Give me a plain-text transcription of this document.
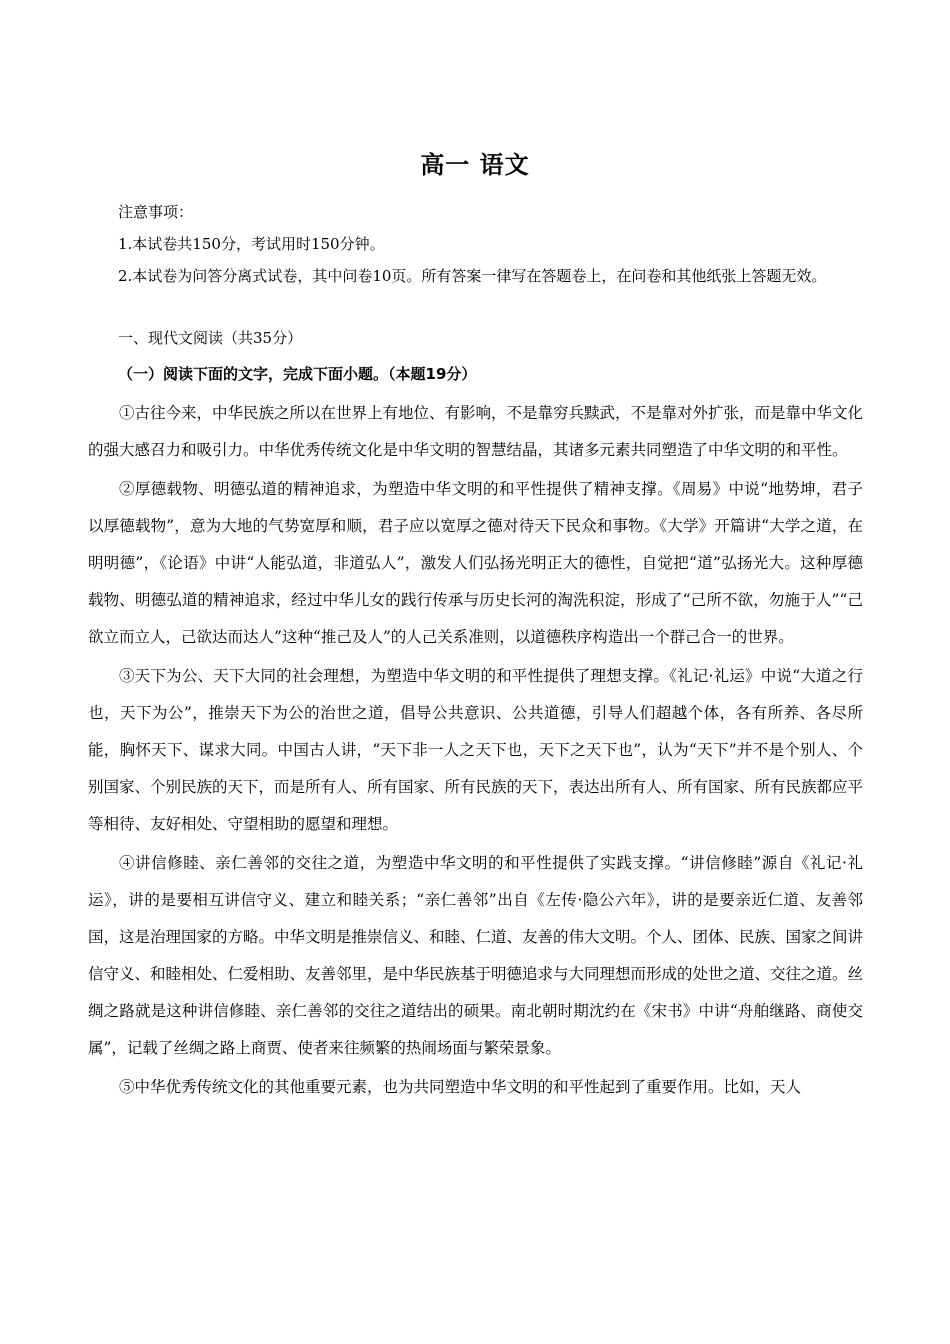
高一 语文

注意事项：

1.本试卷共150分，考试用时150分钟。

2.本试卷为问答分离式试卷，其中问卷10页。所有答案一律写在答题卷上，在问卷和其他纸张上答题无效。

一、现代文阅读（共35分）
（一）阅读下面的文字，完成下面小题。（本题19分）

①古往今来，中华民族之所以在世界上有地位、有影响，不是靠穷兵黩武，不是靠对外扩张，而是靠中华文化的强大感召力和吸引力。中华优秀传统文化是中华文明的智慧结晶，其诸多元素共同塑造了中华文明的和平性。

②厚德载物、明德弘道的精神追求，为塑造中华文明的和平性提供了精神支撑。《周易》中说“地势坤，君子以厚德载物”，意为大地的气势宽厚和顺，君子应以宽厚之德对待天下民众和事物。《大学》开篇讲“大学之道，在明明德”，《论语》中讲“人能弘道，非道弘人”，激发人们弘扬光明正大的德性，自觉把“道”弘扬光大。这种厚德载物、明德弘道的精神追求，经过中华儿女的践行传承与历史长河的淘洗积淀，形成了“己所不欲，勿施于人”“己欲立而立人，己欲达而达人”这种“推己及人”的人己关系准则，以道德秩序构造出一个群己合一的世界。

③天下为公、天下大同的社会理想，为塑造中华文明的和平性提供了理想支撑。《礼记·礼运》中说“大道之行也，天下为公”，推崇天下为公的治世之道，倡导公共意识、公共道德，引导人们超越个体，各有所养、各尽所能，胸怀天下、谋求大同。中国古人讲，“天下非一人之天下也，天下之天下也”，认为“天下”并不是个别人、个别国家、个别民族的天下，而是所有人、所有国家、所有民族的天下，表达出所有人、所有国家、所有民族都应平等相待、友好相处、守望相助的愿望和理想。

④讲信修睦、亲仁善邻的交往之道，为塑造中华文明的和平性提供了实践支撑。“讲信修睦”源自《礼记·礼运》，讲的是要相互讲信守义、建立和睦关系；“亲仁善邻”出自《左传·隐公六年》，讲的是要亲近仁道、友善邻国，这是治理国家的方略。中华文明是推崇信义、和睦、仁道、友善的伟大文明。个人、团体、民族、国家之间讲信守义、和睦相处、仁爱相助、友善邻里，是中华民族基于明德追求与大同理想而形成的处世之道、交往之道。丝绸之路就是这种讲信修睦、亲仁善邻的交往之道结出的硕果。南北朝时期沈约在《宋书》中讲“舟舶继路、商使交属”，记载了丝绸之路上商贾、使者来往频繁的热闹场面与繁荣景象。

⑤中华优秀传统文化的其他重要元素，也为共同塑造中华文明的和平性起到了重要作用。比如，天人
